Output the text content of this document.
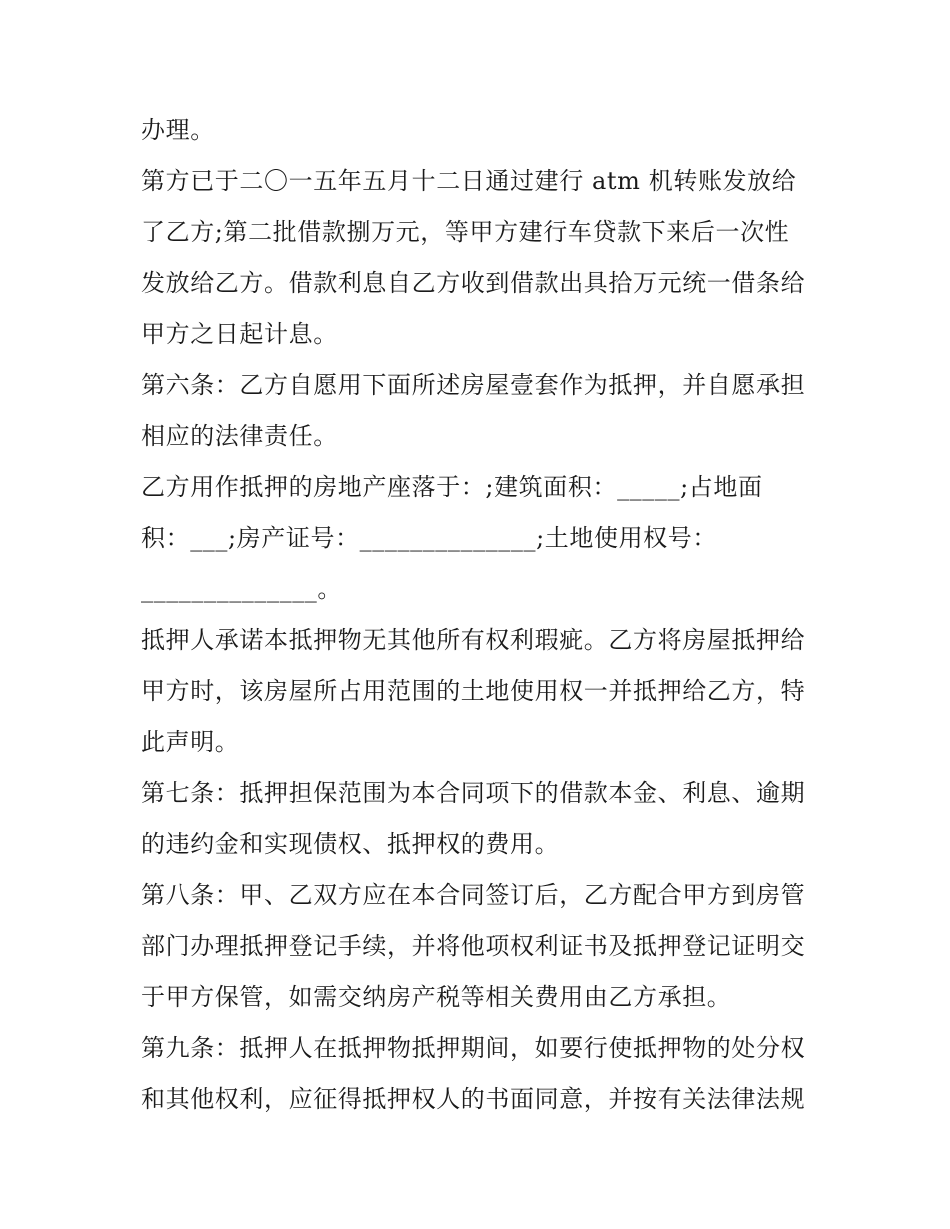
办理。
第方已于二〇一五年五月十二日通过建行 atm 机转账发放给
了乙方;第二批借款捌万元，等甲方建行车贷款下来后一次性
发放给乙方。借款利息自乙方收到借款出具拾万元统一借条给
甲方之日起计息。
第六条：乙方自愿用下面所述房屋壹套作为抵押，并自愿承担
相应的法律责任。
乙方用作抵押的房地产座落于：;建筑面积：_____;占地面
积：___;房产证号：______________;土地使用权号：
______________。
抵押人承诺本抵押物无其他所有权利瑕疵。乙方将房屋抵押给
甲方时，该房屋所占用范围的土地使用权一并抵押给乙方，特
此声明。
第七条：抵押担保范围为本合同项下的借款本金、利息、逾期
的违约金和实现债权、抵押权的费用。
第八条：甲、乙双方应在本合同签订后，乙方配合甲方到房管
部门办理抵押登记手续，并将他项权利证书及抵押登记证明交
于甲方保管，如需交纳房产税等相关费用由乙方承担。
第九条：抵押人在抵押物抵押期间，如要行使抵押物的处分权
和其他权利，应征得抵押权人的书面同意，并按有关法律法规
